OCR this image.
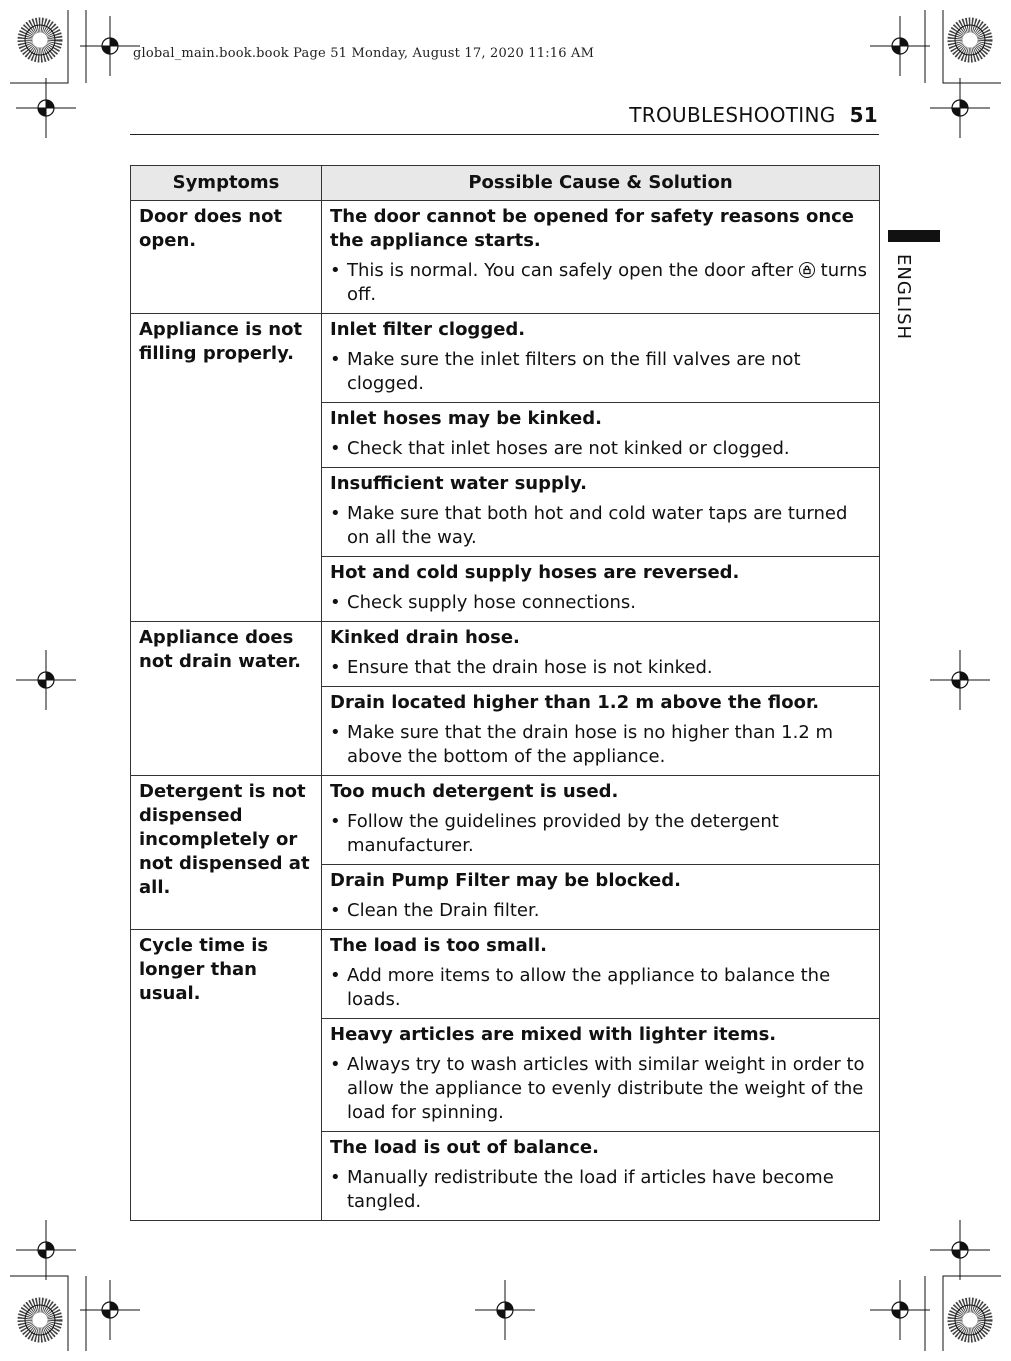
global_main.book.book Page 51 Monday, August 17, 2020 11:16 AM
TROUBLESHOOTING 51
ENGLISH
Symptoms	Possible Cause & Solution
Door does not open.	The door cannot be opened for safety reasons once the appliance starts.
• This is normal. You can safely open the door after turns off.

Appliance is not filling properly.	Inlet filter clogged.
• Make sure the inlet filters on the fill valves are not clogged.

	Inlet hoses may be kinked.
• Check that inlet hoses are not kinked or clogged.

	Insufficient water supply.
• Make sure that both hot and cold water taps are turned on all the way.

	Hot and cold supply hoses are reversed.
• Check supply hose connections.

Appliance does not drain water.	Kinked drain hose.
• Ensure that the drain hose is not kinked.

	Drain located higher than 1.2 m above the floor.
• Make sure that the drain hose is no higher than 1.2 m above the bottom of the appliance.

Detergent is not dispensed incompletely or not dispensed at all.	Too much detergent is used.
• Follow the guidelines provided by the detergent manufacturer.

	Drain Pump Filter may be blocked.
• Clean the Drain filter.

Cycle time is longer than usual.	The load is too small.
• Add more items to allow the appliance to balance the loads.

	Heavy articles are mixed with lighter items.
• Always try to wash articles with similar weight in order to allow the appliance to evenly distribute the weight of the load for spinning.

	The load is out of balance.
• Manually redistribute the load if articles have become tangled.
